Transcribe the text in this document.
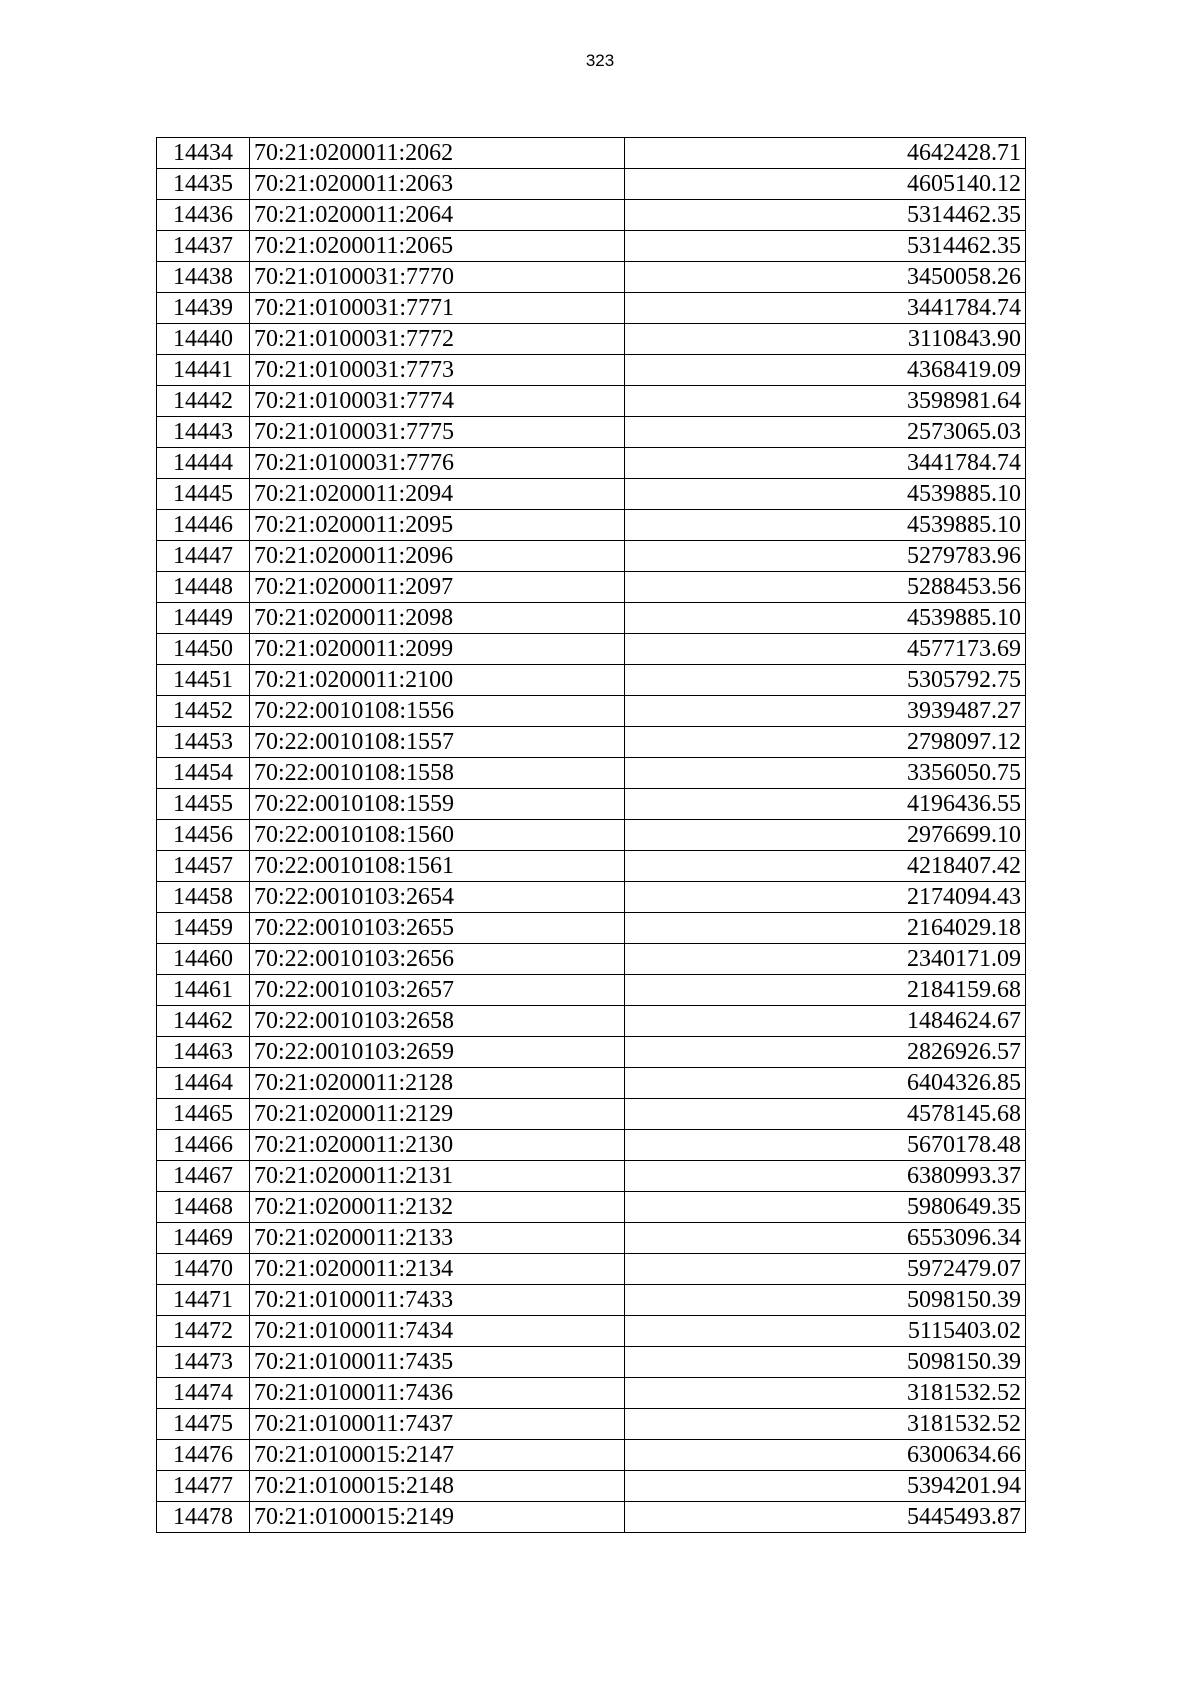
323
14434	70:21:0200011:2062	4642428.71
14435	70:21:0200011:2063	4605140.12
14436	70:21:0200011:2064	5314462.35
14437	70:21:0200011:2065	5314462.35
14438	70:21:0100031:7770	3450058.26
14439	70:21:0100031:7771	3441784.74
14440	70:21:0100031:7772	3110843.90
14441	70:21:0100031:7773	4368419.09
14442	70:21:0100031:7774	3598981.64
14443	70:21:0100031:7775	2573065.03
14444	70:21:0100031:7776	3441784.74
14445	70:21:0200011:2094	4539885.10
14446	70:21:0200011:2095	4539885.10
14447	70:21:0200011:2096	5279783.96
14448	70:21:0200011:2097	5288453.56
14449	70:21:0200011:2098	4539885.10
14450	70:21:0200011:2099	4577173.69
14451	70:21:0200011:2100	5305792.75
14452	70:22:0010108:1556	3939487.27
14453	70:22:0010108:1557	2798097.12
14454	70:22:0010108:1558	3356050.75
14455	70:22:0010108:1559	4196436.55
14456	70:22:0010108:1560	2976699.10
14457	70:22:0010108:1561	4218407.42
14458	70:22:0010103:2654	2174094.43
14459	70:22:0010103:2655	2164029.18
14460	70:22:0010103:2656	2340171.09
14461	70:22:0010103:2657	2184159.68
14462	70:22:0010103:2658	1484624.67
14463	70:22:0010103:2659	2826926.57
14464	70:21:0200011:2128	6404326.85
14465	70:21:0200011:2129	4578145.68
14466	70:21:0200011:2130	5670178.48
14467	70:21:0200011:2131	6380993.37
14468	70:21:0200011:2132	5980649.35
14469	70:21:0200011:2133	6553096.34
14470	70:21:0200011:2134	5972479.07
14471	70:21:0100011:7433	5098150.39
14472	70:21:0100011:7434	5115403.02
14473	70:21:0100011:7435	5098150.39
14474	70:21:0100011:7436	3181532.52
14475	70:21:0100011:7437	3181532.52
14476	70:21:0100015:2147	6300634.66
14477	70:21:0100015:2148	5394201.94
14478	70:21:0100015:2149	5445493.87
